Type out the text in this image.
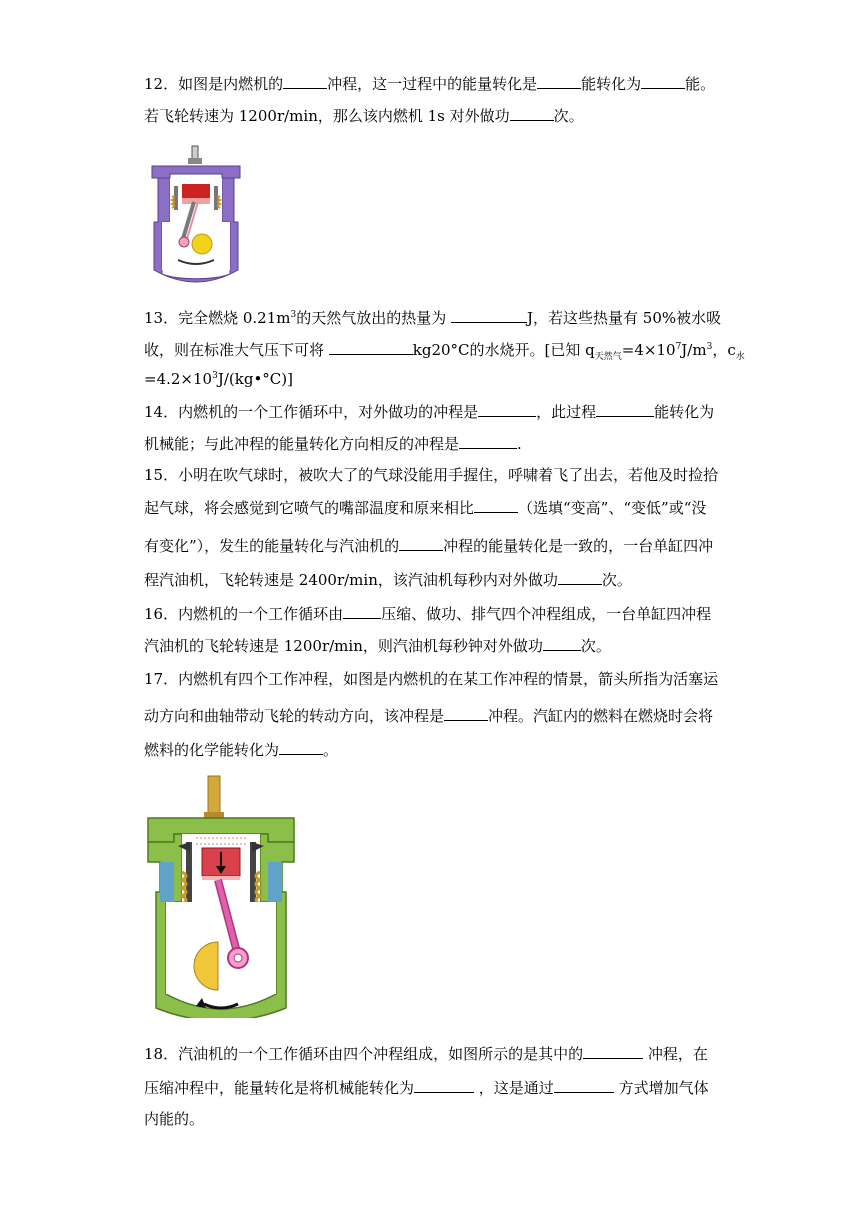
12．如图是内燃机的	冲程，这一过程中的能量转化是	能转化为	能。
若飞轮转速为 1200r/min，那么该内燃机 1s 对外做功	次。
13．完全燃烧 $0.21m^3$的天然气放出的热量为	J，若这些热量有 50%被水吸
收，则在标准大气压下可将	kg20°C的水烧开。[已知 $q_{天然气}=4\times 10^7J/m^3$，$c_水$
$=4.2\times 10^3J/(kg•^\circ C)$]
14．内燃机的一个工作循环中，对外做功的冲程是	，此过程	能转化为
机械能；与此冲程的能量转化方向相反的冲程是	.
15．小明在吹气球时，被吹大了的气球没能用手握住，呼啸着飞了出去，若他及时捡拾
起气球，将会感觉到它喷气的嘴部温度和原来相比	（选填“变高”、“变低”或“没
有变化”），发生的能量转化与汽油机的	冲程的能量转化是一致的，一台单缸四冲
程汽油机，飞轮转速是 2400r/min，该汽油机每秒内对外做功	次。
16．内燃机的一个工作循环由	压缩、做功、排气四个冲程组成，一台单缸四冲程
汽油机的飞轮转速是 1200r/min，则汽油机每秒钟对外做功	次。
17．内燃机有四个工作冲程，如图是内燃机的在某工作冲程的情景，箭头所指为活塞运
动方向和曲轴带动飞轮的转动方向，该冲程是	冲程。汽缸内的燃料在燃烧时会将
燃料的化学能转化为	。
18．汽油机的一个工作循环由四个冲程组成，如图所示的是其中的	冲程，在
压缩冲程中，能量转化是将机械能转化为	，这是通过	方式增加气体
内能的。
